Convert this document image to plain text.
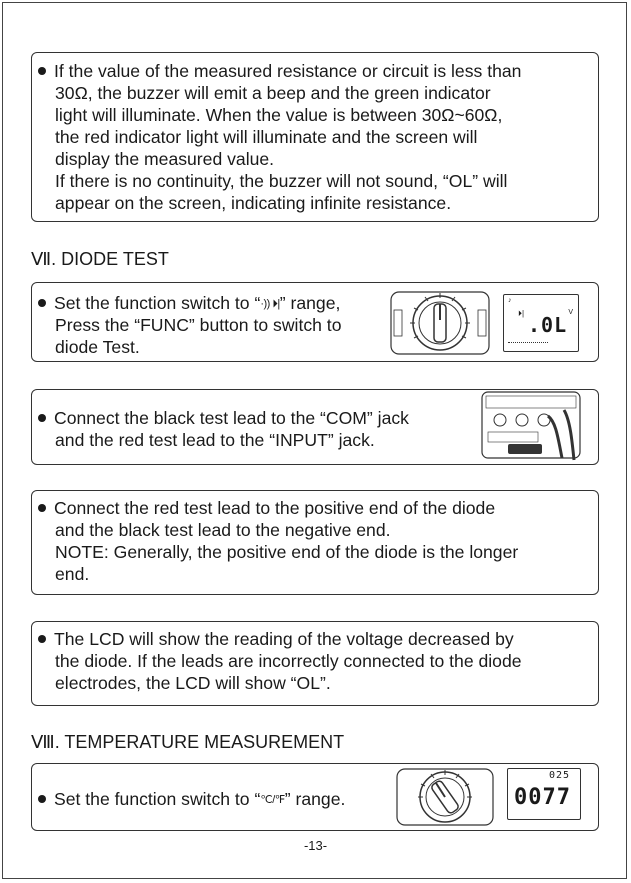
If the value of the measured resistance or circuit is less than
30Ω, the buzzer will emit a beep and the green indicator
light will illuminate. When the value is between 30Ω~60Ω,
the red indicator light will illuminate and the screen will
display the measured value.
If there is no continuity, the buzzer will not sound, “OL” will
appear on the screen, indicating infinite resistance.
Ⅶ. DIODE TEST
Set the function switch to “·)) ⏵|” range,
Press the “FUNC” button to switch to
diode Test.
♪
⏵| .0L
V
Connect the black test lead to the “COM” jack
and the red test lead to the “INPUT” jack.
Connect the red test lead to the positive end of the diode
and the black test lead to the negative end.
NOTE: Generally, the positive end of the diode is the longer
end.
The LCD will show the reading of the voltage decreased by
the diode. If the leads are incorrectly connected to the diode
electrodes, the LCD will show “OL”.
Ⅷ. TEMPERATURE MEASUREMENT
Set the function switch to “℃/℉” range.
025
0077
-13-
